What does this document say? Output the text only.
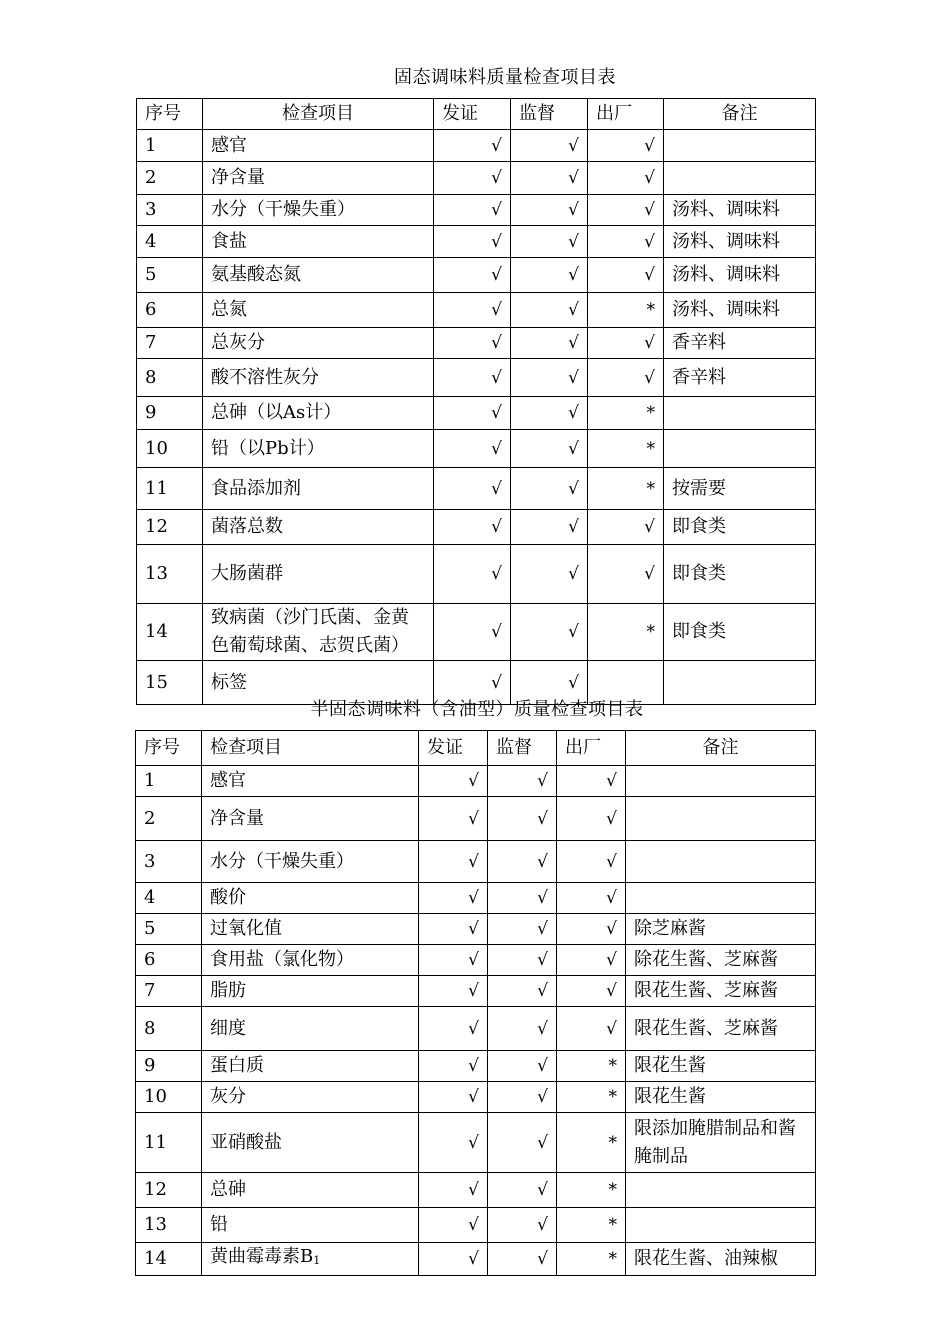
固态调味料质量检查项目表
序号	检查项目	发证	监督	出厂	备注
1	感官	√	√	√	
2	净含量	√	√	√	
3	水分（干燥失重）	√	√	√	汤料、调味料
4	食盐	√	√	√	汤料、调味料
5	氨基酸态氮	√	√	√	汤料、调味料
6	总氮	√	√	*	汤料、调味料
7	总灰分	√	√	√	香辛料
8	酸不溶性灰分	√	√	√	香辛料
9	总砷（以As计）	√	√	*	
10	铅（以Pb计）	√	√	*	
11	食品添加剂	√	√	*	按需要
12	菌落总数	√	√	√	即食类
13	大肠菌群	√	√	√	即食类
14	致病菌（沙门氏菌、金黄色葡萄球菌、志贺氏菌）	√	√	*	即食类
15	标签	√	√		
半固态调味料（含油型）质量检查项目表
序号	检查项目	发证	监督	出厂	备注
1	感官	√	√	√	
2	净含量	√	√	√	
3	水分（干燥失重）	√	√	√	
4	酸价	√	√	√	
5	过氧化值	√	√	√	除芝麻酱
6	食用盐（氯化物）	√	√	√	除花生酱、芝麻酱
7	脂肪	√	√	√	限花生酱、芝麻酱
8	细度	√	√	√	限花生酱、芝麻酱
9	蛋白质	√	√	*	限花生酱
10	灰分	√	√	*	限花生酱
11	亚硝酸盐	√	√	*	限添加腌腊制品和酱腌制品
12	总砷	√	√	*	
13	铅	√	√	*	
14	黄曲霉毒素$B_1$	√	√	*	限花生酱、油辣椒
